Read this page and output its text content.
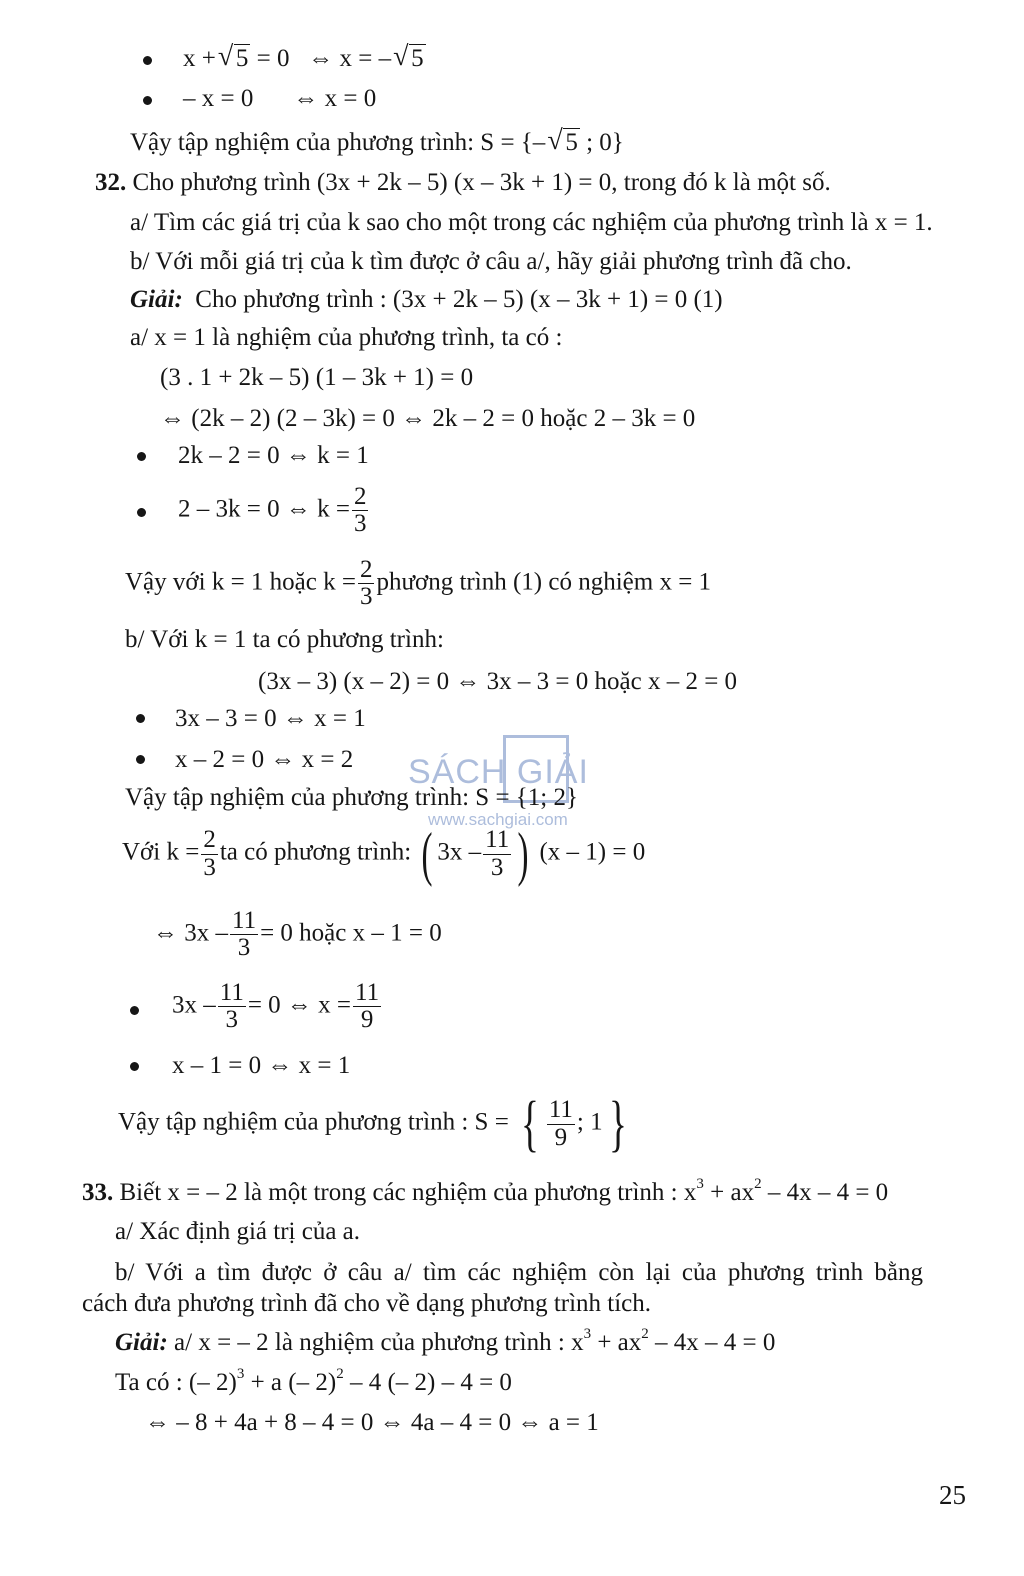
SÁCH GIẢI
www.sachgiai.com
x + √ 5 = 0 ⇔ x = – √ 5
– x = 0 ⇔ x = 0
Vậy tập nghiệm của phương trình: S = {– √ 5 ; 0}
32. Cho phương trình (3x + 2k – 5) (x – 3k + 1) = 0, trong đó k là một số.
a/ Tìm các giá trị của k sao cho một trong các nghiệm của phương trình là x = 1.
b/ Với mỗi giá trị của k tìm được ở câu a/, hãy giải phương trình đã cho.
Giải: Cho phương trình : (3x + 2k – 5) (x – 3k + 1) = 0 (1)
a/ x = 1 là nghiệm của phương trình, ta có :
(3 . 1 + 2k – 5) (1 – 3k + 1) = 0
⇔ (2k – 2) (2 – 3k) = 0 ⇔ 2k – 2 = 0 hoặc 2 – 3k = 0
2k – 2 = 0 ⇔ k = 1
2 – 3k = 0 ⇔ $k = \frac{2}{3}$
Vậy với k = 1 hoặc $k = \frac{2}{3}$ phương trình (1) có nghiệm x = 1
b/ Với k = 1 ta có phương trình:
(3x – 3) (x – 2) = 0 ⇔ 3x – 3 = 0 hoặc x – 2 = 0
3x – 3 = 0 ⇔ x = 1
x – 2 = 0 ⇔ x = 2
Vậy tập nghiệm của phương trình: S = {1; 2}
Với $k = \frac{2}{3}$ ta có phương trình: ( $3x - \frac{11}{3}$ ) (x – 1) = 0
⇔ $3x - \frac{11}{3} = 0$ hoặc x – 1 = 0
$3x - \frac{11}{3} = 0$ ⇔ $x = \frac{11}{9}$
x – 1 = 0 ⇔ x = 1
Vậy tập nghiệm của phương trình : S = { $\frac{11}{9}$ ; 1}
33. Biết x = – 2 là một trong các nghiệm của phương trình : $x^3 + ax^2 - 4x - 4 = 0$
a/ Xác định giá trị của a.
b/ Với a tìm được ở câu a/ tìm các nghiệm còn lại của phương trình bằng
cách đưa phương trình đã cho về dạng phương trình tích.
Giải: a/ x = – 2 là nghiệm của phương trình : $x^3 + ax^2 - 4x - 4 = 0$
Ta có : (– 2)$^3$ + a (– 2)$^2$ – 4 (– 2) – 4 = 0
⇔ – 8 + 4a + 8 – 4 = 0 ⇔ 4a – 4 = 0 ⇔ a = 1
25
